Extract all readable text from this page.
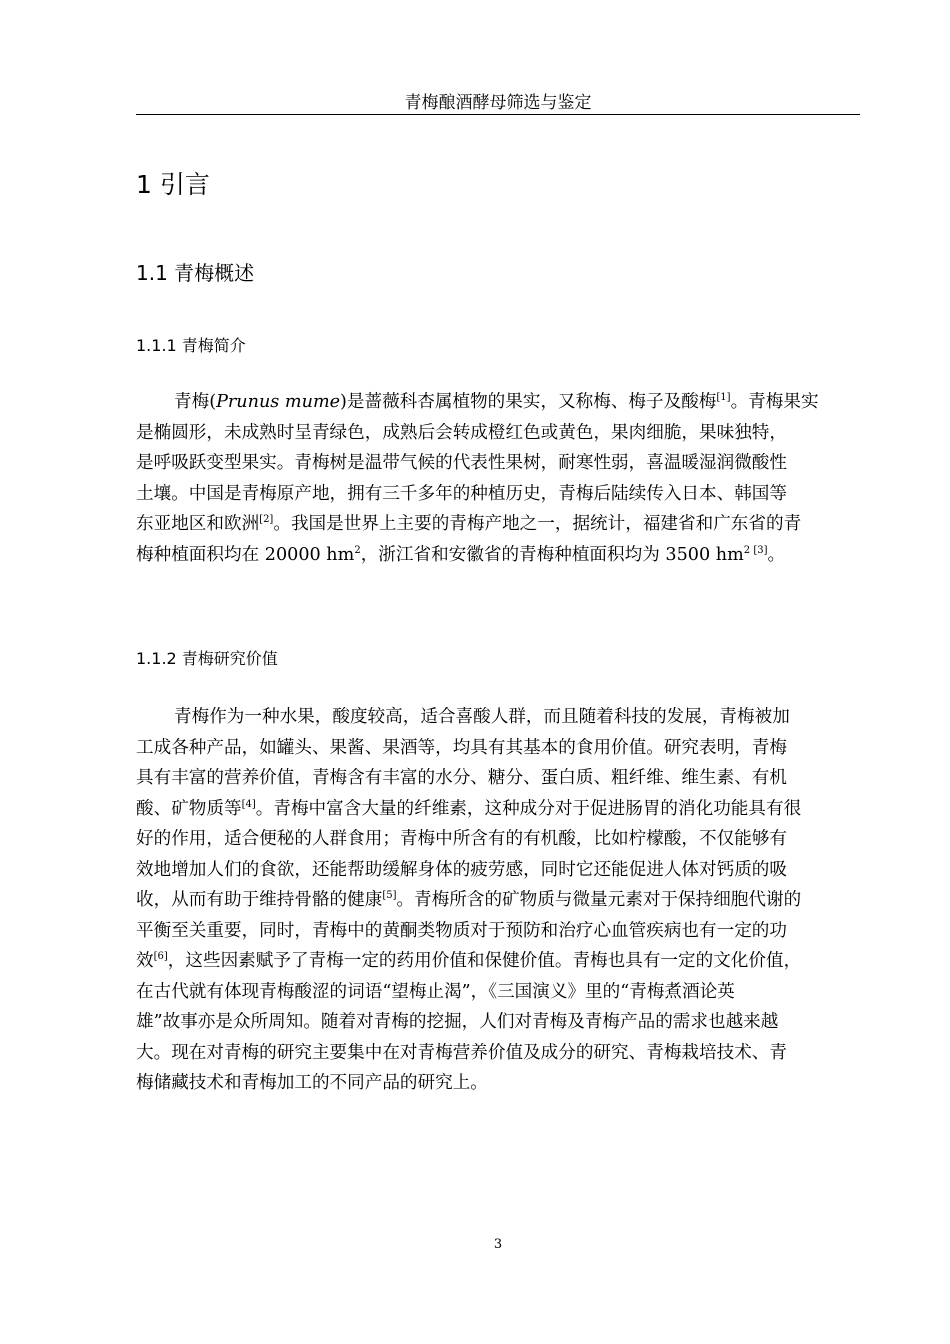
青梅酿酒酵母筛选与鉴定
1 引言
1.1 青梅概述
1.1.1 青梅简介
青梅(Prunus mume)是蔷薇科杏属植物的果实，又称梅、梅子及酸梅[1]。青梅果实
是椭圆形，未成熟时呈青绿色，成熟后会转成橙红色或黄色，果肉细脆，果味独特，
是呼吸跃变型果实。青梅树是温带气候的代表性果树，耐寒性弱，喜温暖湿润微酸性
土壤。中国是青梅原产地，拥有三千多年的种植历史，青梅后陆续传入日本、韩国等
东亚地区和欧洲[2]。我国是世界上主要的青梅产地之一，据统计，福建省和广东省的青
梅种植面积均在 20000 $hm^2$，浙江省和安徽省的青梅种植面积均为 3500 $hm^2$ [3]。
1.1.2 青梅研究价值
青梅作为一种水果，酸度较高，适合喜酸人群，而且随着科技的发展，青梅被加
工成各种产品，如罐头、果酱、果酒等，均具有其基本的食用价值。研究表明，青梅
具有丰富的营养价值，青梅含有丰富的水分、糖分、蛋白质、粗纤维、维生素、有机
酸、矿物质等[4]。青梅中富含大量的纤维素，这种成分对于促进肠胃的消化功能具有很
好的作用，适合便秘的人群食用；青梅中所含有的有机酸，比如柠檬酸，不仅能够有
效地增加人们的食欲，还能帮助缓解身体的疲劳感，同时它还能促进人体对钙质的吸
收，从而有助于维持骨骼的健康[5]。青梅所含的矿物质与微量元素对于保持细胞代谢的
平衡至关重要，同时，青梅中的黄酮类物质对于预防和治疗心血管疾病也有一定的功
效[6]，这些因素赋予了青梅一定的药用价值和保健价值。青梅也具有一定的文化价值，
在古代就有体现青梅酸涩的词语“望梅止渴”，《三国演义》里的“青梅煮酒论英
雄”故事亦是众所周知。随着对青梅的挖掘，人们对青梅及青梅产品的需求也越来越
大。现在对青梅的研究主要集中在对青梅营养价值及成分的研究、青梅栽培技术、青
梅储藏技术和青梅加工的不同产品的研究上。
3
